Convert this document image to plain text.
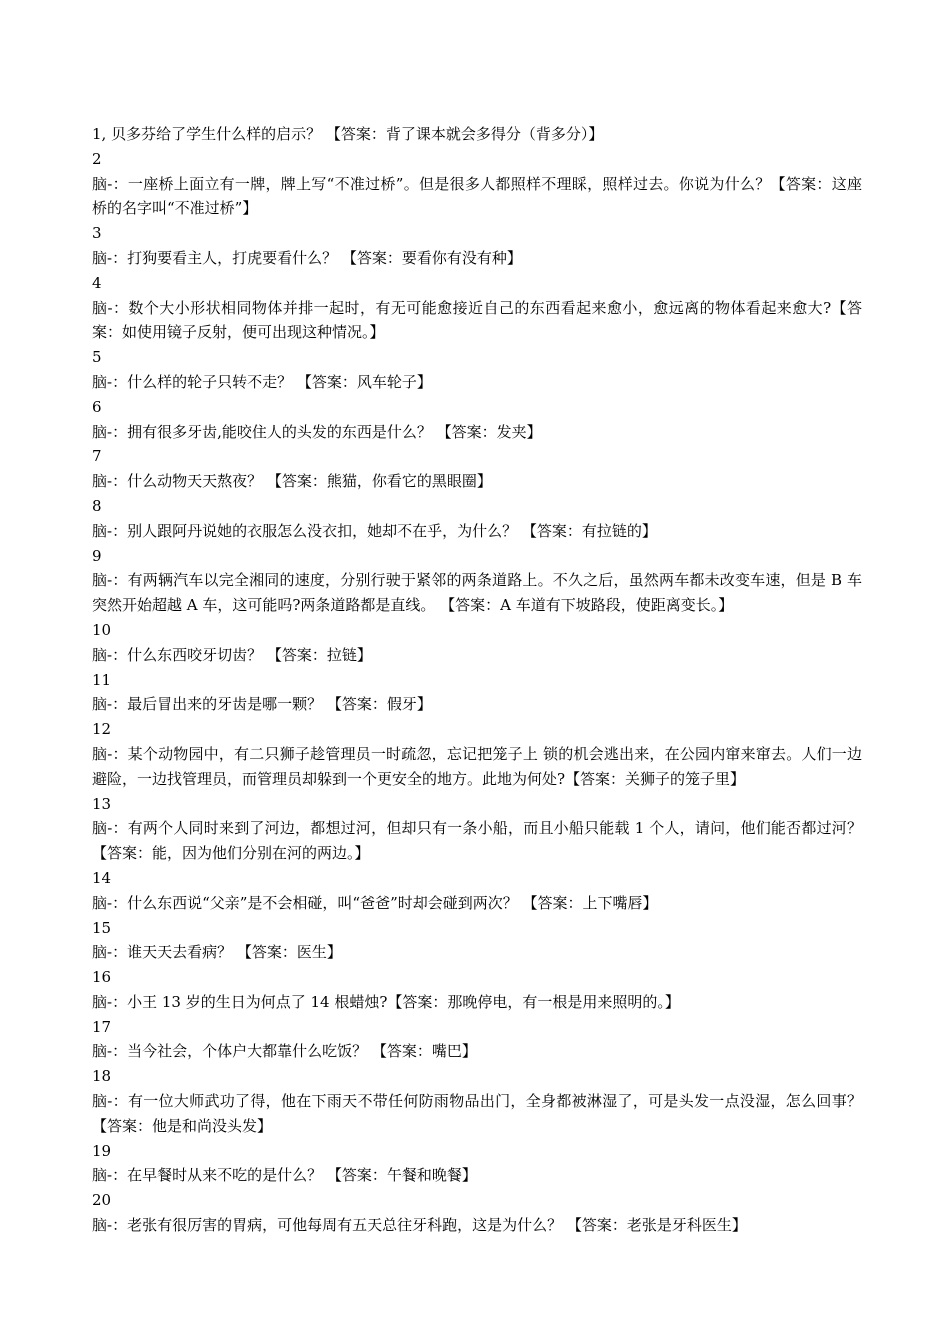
1, 贝多芬给了学生什么样的启示？ 【答案：背了课本就会多得分（背多分）】

2

脑-：一座桥上面立有一牌，牌上写“不准过桥”。但是很多人都照样不理睬，照样过去。你说为什么？【答案：这座桥的名字叫“不准过桥”】

3

脑-：打狗要看主人，打虎要看什么？ 【答案：要看你有没有种】

4

脑-：数个大小形状相同物体并排一起时，有无可能愈接近自己的东西看起来愈小，愈远离的物体看起来愈大?【答案：如使用镜子反射，便可出现这种情况。】

5

脑-：什么样的轮子只转不走？ 【答案：风车轮子】

6

脑-：拥有很多牙齿,能咬住人的头发的东西是什么？ 【答案：发夹】

7

脑-：什么动物天天熬夜？ 【答案：熊猫，你看它的黑眼圈】

8

脑-：别人跟阿丹说她的衣服怎么没衣扣，她却不在乎，为什么？ 【答案：有拉链的】

9

脑-：有两辆汽车以完全湘同的速度，分别行驶于紧邻的两条道路上。不久之后，虽然两车都未改变车速，但是 B 车突然开始超越 A 车，这可能吗?两条道路都是直线。 【答案：A 车道有下坡路段，使距离变长。】

10

脑-：什么东西咬牙切齿？ 【答案：拉链】

11

脑-：最后冒出来的牙齿是哪一颗？ 【答案：假牙】

12

脑-：某个动物园中，有二只狮子趁管理员一时疏忽，忘记把笼子上 锁的机会逃出来，在公园内窜来窜去。人们一边避险，一边找管理员，而管理员却躲到一个更安全的地方。此地为何处?【答案：关狮子的笼子里】

13

脑-：有两个人同时来到了河边，都想过河，但却只有一条小船，而且小船只能载 1 个人，请问，他们能否都过河？ 【答案：能，因为他们分别在河的两边。】

14

脑-：什么东西说“父亲”是不会相碰，叫“爸爸”时却会碰到两次？ 【答案：上下嘴唇】

15

脑-：谁天天去看病？ 【答案：医生】

16

脑-：小王 13 岁的生日为何点了 14 根蜡烛?【答案：那晚停电，有一根是用来照明的。】

17

脑-：当今社会，个体户大都靠什么吃饭？ 【答案：嘴巴】

18

脑-：有一位大师武功了得，他在下雨天不带任何防雨物品出门，全身都被淋湿了，可是头发一点没湿，怎么回事？ 【答案：他是和尚没头发】

19

脑-：在早餐时从来不吃的是什么？ 【答案：午餐和晚餐】

20

脑-：老张有很厉害的胃病，可他每周有五天总往牙科跑，这是为什么？ 【答案：老张是牙科医生】
